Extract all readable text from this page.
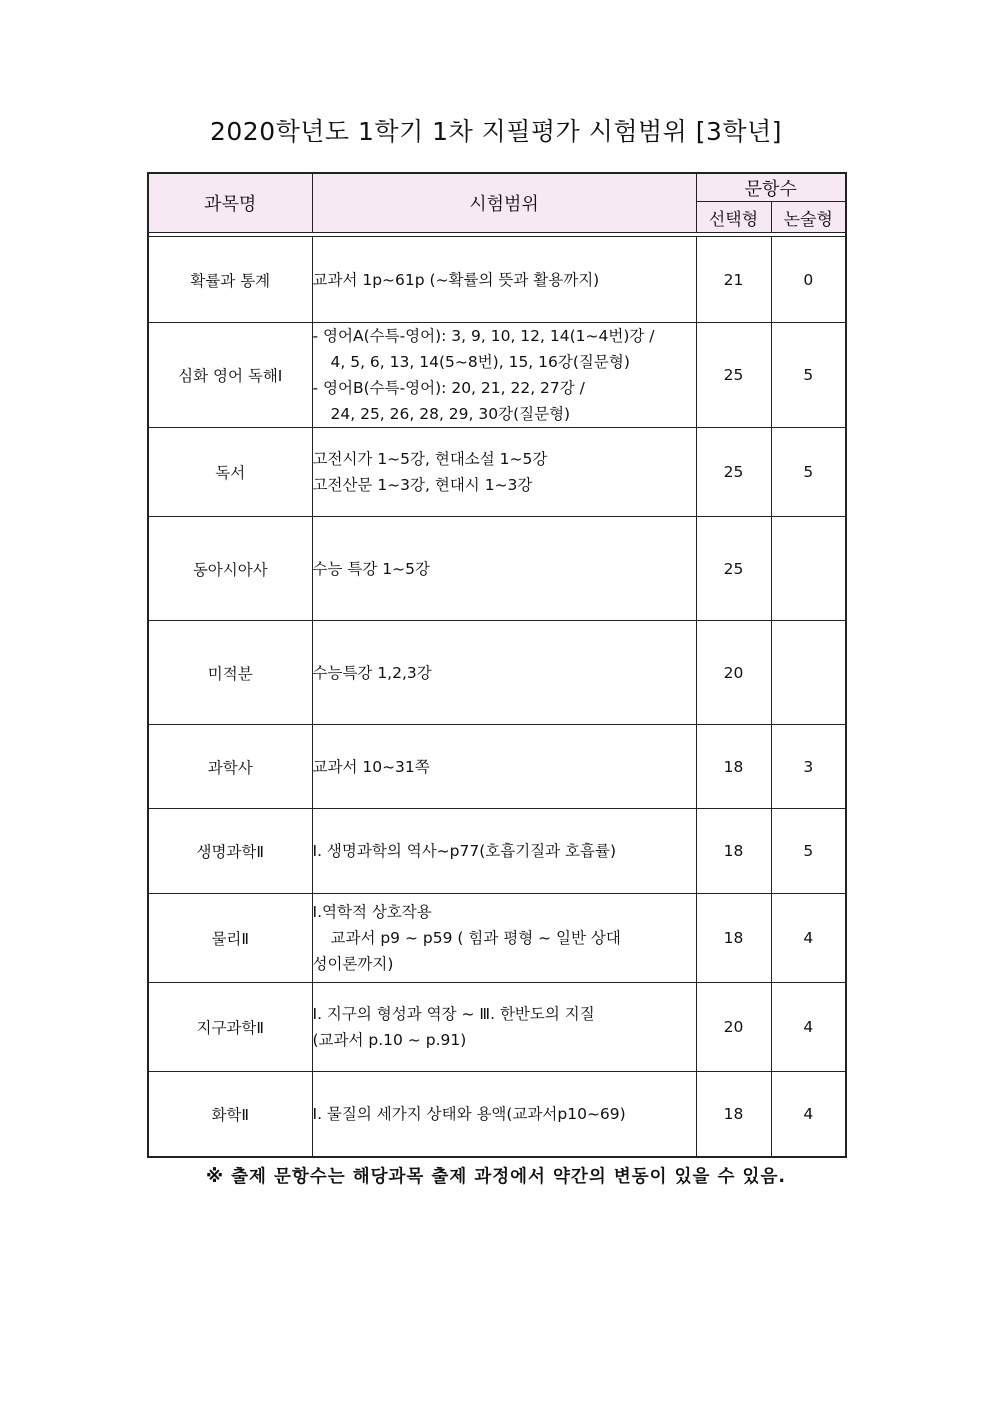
2020학년도 1학기 1차 지필평가 시험범위 [3학년]
과목명	시험범위	문항수	
		선택형	논술형

확률과 통계	교과서 1p~61p (~확률의 뜻과 활용까지)	21	0
심화 영어 독해Ⅰ	- 영어A(수특-영어): 3, 9, 10, 12, 14(1~4번)강 /
4, 5, 6, 13, 14(5~8번), 15, 16강(질문형)
- 영어B(수특-영어): 20, 21, 22, 27강 /
24, 25, 26, 28, 29, 30강(질문형)	25	5
독서	고전시가 1~5강, 현대소설 1~5강
고전산문 1~3강, 현대시 1~3강	25	5
동아시아사	수능 특강 1~5강	25	
미적분	수능특강 1,2,3강	20	
과학사	교과서 10~31쪽	18	3
생명과학Ⅱ	Ⅰ. 생명과학의 역사~p77(호흡기질과 호흡률)	18	5
물리Ⅱ	Ⅰ.역학적 상호작용
교과서 p9 ~ p59 ( 힘과 평형 ~ 일반 상대
성이론까지)	18	4
지구과학Ⅱ	Ⅰ. 지구의 형성과 역장 ~ Ⅲ. 한반도의 지질
(교과서 p.10 ~ p.91)	20	4
화학Ⅱ	Ⅰ. 물질의 세가지 상태와 용액(교과서p10~69)	18	4
※ 출제 문항수는 해당과목 출제 과정에서 약간의 변동이 있을 수 있음.
